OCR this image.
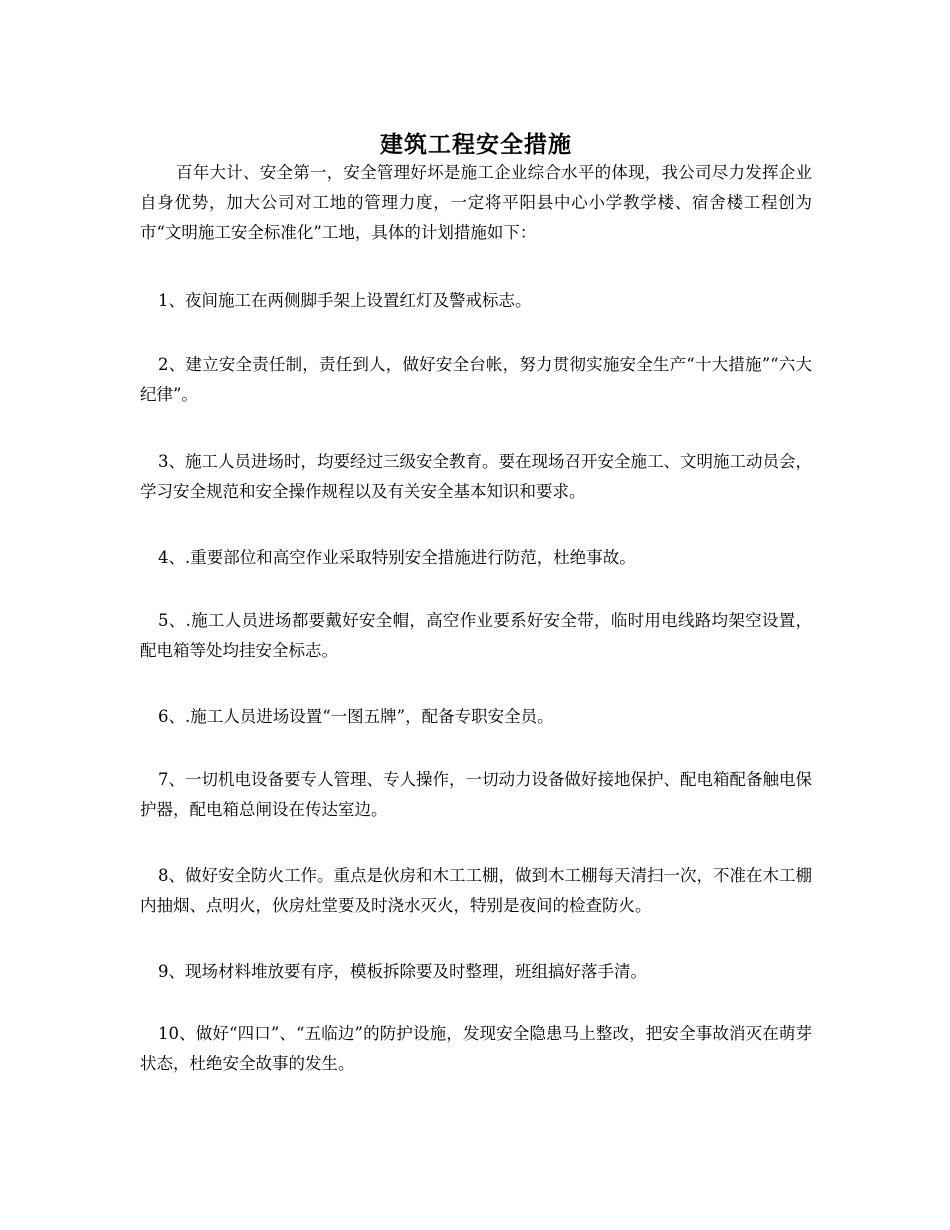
建筑工程安全措施

百年大计、安全第一，安全管理好坏是施工企业综合水平的体现，我公司尽力发挥企业自身优势，加大公司对工地的管理力度，一定将平阳县中心小学教学楼、宿舍楼工程创为市“文明施工安全标准化”工地，具体的计划措施如下：

1、夜间施工在两侧脚手架上设置红灯及警戒标志。

2、建立安全责任制，责任到人，做好安全台帐，努力贯彻实施安全生产“十大措施”“六大纪律”。

3、施工人员进场时，均要经过三级安全教育。要在现场召开安全施工、文明施工动员会，学习安全规范和安全操作规程以及有关安全基本知识和要求。

4、.重要部位和高空作业采取特别安全措施进行防范，杜绝事故。

5、.施工人员进场都要戴好安全帽，高空作业要系好安全带，临时用电线路均架空设置，配电箱等处均挂安全标志。

6、.施工人员进场设置“一图五牌”，配备专职安全员。

7、一切机电设备要专人管理、专人操作，一切动力设备做好接地保护、配电箱配备触电保护器，配电箱总闸设在传达室边。

8、做好安全防火工作。重点是伙房和木工工棚，做到木工棚每天清扫一次，不准在木工棚内抽烟、点明火，伙房灶堂要及时浇水灭火，特别是夜间的检查防火。

9、现场材料堆放要有序，模板拆除要及时整理，班组搞好落手清。

10、做好“四口”、“五临边”的防护设施，发现安全隐患马上整改，把安全事故消灭在萌芽状态，杜绝安全故事的发生。
